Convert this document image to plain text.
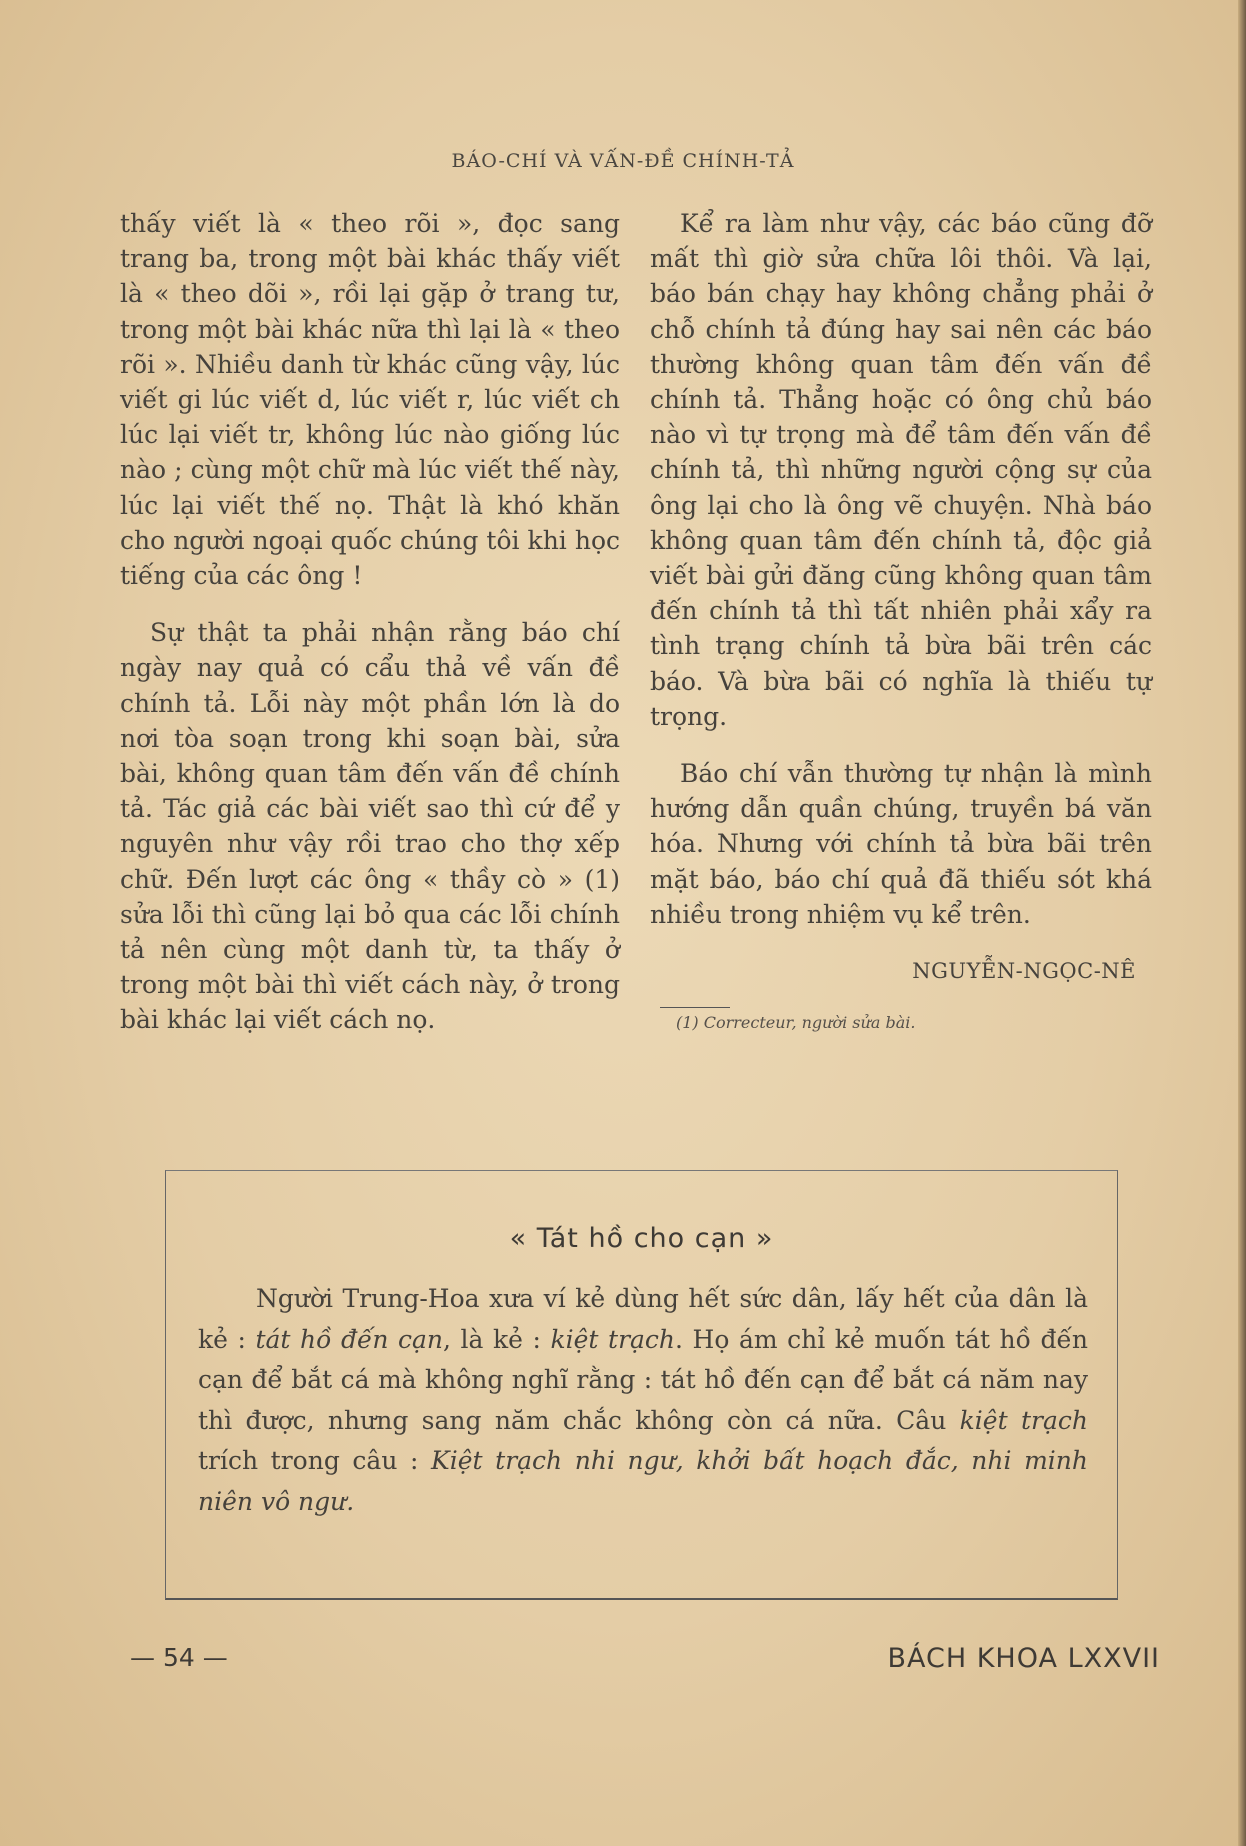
BÁO-CHÍ VÀ VẤN-ĐỀ CHÍNH-TẢ

thấy viết là « theo rõi », đọc sang trang ba, trong một bài khác thấy viết là « theo dõi », rồi lại gặp ở trang tư, trong một bài khác nữa thì lại là « theo rõi ». Nhiều danh từ khác cũng vậy, lúc viết gi lúc viết d, lúc viết r, lúc viết ch lúc lại viết tr, không lúc nào giống lúc nào ; cùng một chữ mà lúc viết thế này, lúc lại viết thế nọ. Thật là khó khăn cho người ngoại quốc chúng tôi khi học tiếng của các ông !

Sự thật ta phải nhận rằng báo chí ngày nay quả có cẩu thả về vấn đề chính tả. Lỗi này một phần lớn là do nơi tòa soạn trong khi soạn bài, sửa bài, không quan tâm đến vấn đề chính tả. Tác giả các bài viết sao thì cứ để y nguyên như vậy rồi trao cho thợ xếp chữ. Đến lượt các ông « thầy cò » (1) sửa lỗi thì cũng lại bỏ qua các lỗi chính tả nên cùng một danh từ, ta thấy ở trong một bài thì viết cách này, ở trong bài khác lại viết cách nọ.

Kể ra làm như vậy, các báo cũng đỡ mất thì giờ sửa chữa lôi thôi. Và lại, báo bán chạy hay không chẳng phải ở chỗ chính tả đúng hay sai nên các báo thường không quan tâm đến vấn đề chính tả. Thẳng hoặc có ông chủ báo nào vì tự trọng mà để tâm đến vấn đề chính tả, thì những người cộng sự của ông lại cho là ông vẽ chuyện. Nhà báo không quan tâm đến chính tả, độc giả viết bài gửi đăng cũng không quan tâm đến chính tả thì tất nhiên phải xẩy ra tình trạng chính tả bừa bãi trên các báo. Và bừa bãi có nghĩa là thiếu tự trọng.

Báo chí vẫn thường tự nhận là mình hướng dẫn quần chúng, truyền bá văn hóa. Nhưng với chính tả bừa bãi trên mặt báo, báo chí quả đã thiếu sót khá nhiều trong nhiệm vụ kể trên.

NGUYỄN-NGỌC-NÊ
(1) Correcteur, người sửa bài.
« Tát hồ cho cạn »
Người Trung-Hoa xưa ví kẻ dùng hết sức dân, lấy hết của dân là kẻ : tát hồ đến cạn, là kẻ : kiệt trạch. Họ ám chỉ kẻ muốn tát hồ đến cạn để bắt cá mà không nghĩ rằng : tát hồ đến cạn để bắt cá năm nay thì được, nhưng sang năm chắc không còn cá nữa. Câu kiệt trạch trích trong câu : Kiệt trạch nhi ngư, khởi bất hoạch đắc, nhi minh niên vô ngư.
— 54 —	BÁCH KHOA LXXVII
